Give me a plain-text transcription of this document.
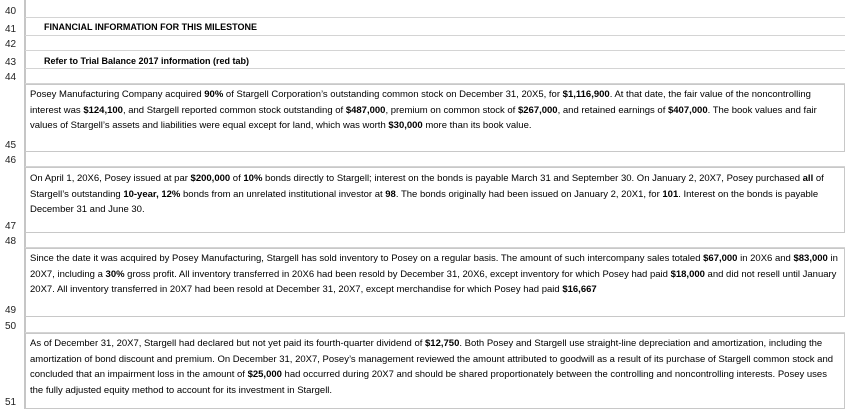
40
41	FINANCIAL INFORMATION FOR THIS MILESTONE
42
43	Refer to Trial Balance 2017 information (red tab)
44
45
Posey Manufacturing Company acquired 90% of Stargell Corporation’s outstanding common stock on December 31, 20X5, for $1,116,900. At that date, the fair value of the noncontrolling interest was $124,100, and Stargell reported common stock outstanding of $487,000, premium on common stock of $267,000, and retained earnings of $407,000. The book values and fair values of Stargell’s assets and liabilities were equal except for land, which was worth $30,000 more than its book value.
46
47
On April 1, 20X6, Posey issued at par $200,000 of 10% bonds directly to Stargell; interest on the bonds is payable March 31 and September 30. On January 2, 20X7, Posey purchased all of Stargell’s outstanding 10-year, 12% bonds from an unrelated institutional investor at 98. The bonds originally had been issued on January 2, 20X1, for 101. Interest on the bonds is payable December 31 and June 30.
48
49
Since the date it was acquired by Posey Manufacturing, Stargell has sold inventory to Posey on a regular basis. The amount of such intercompany sales totaled $67,000 in 20X6 and $83,000 in 20X7, including a 30% gross profit. All inventory transferred in 20X6 had been resold by December 31, 20X6, except inventory for which Posey had paid $18,000 and did not resell until January 20X7. All inventory transferred in 20X7 had been resold at December 31, 20X7, except merchandise for which Posey had paid $16,667
50
51
As of December 31, 20X7, Stargell had declared but not yet paid its fourth-quarter dividend of $12,750. Both Posey and Stargell use straight-line depreciation and amortization, including the amortization of bond discount and premium. On December 31, 20X7, Posey’s management reviewed the amount attributed to goodwill as a result of its purchase of Stargell common stock and concluded that an impairment loss in the amount of $25,000 had occurred during 20X7 and should be shared proportionately between the controlling and noncontrolling interests. Posey uses the fully adjusted equity method to account for its investment in Stargell.
